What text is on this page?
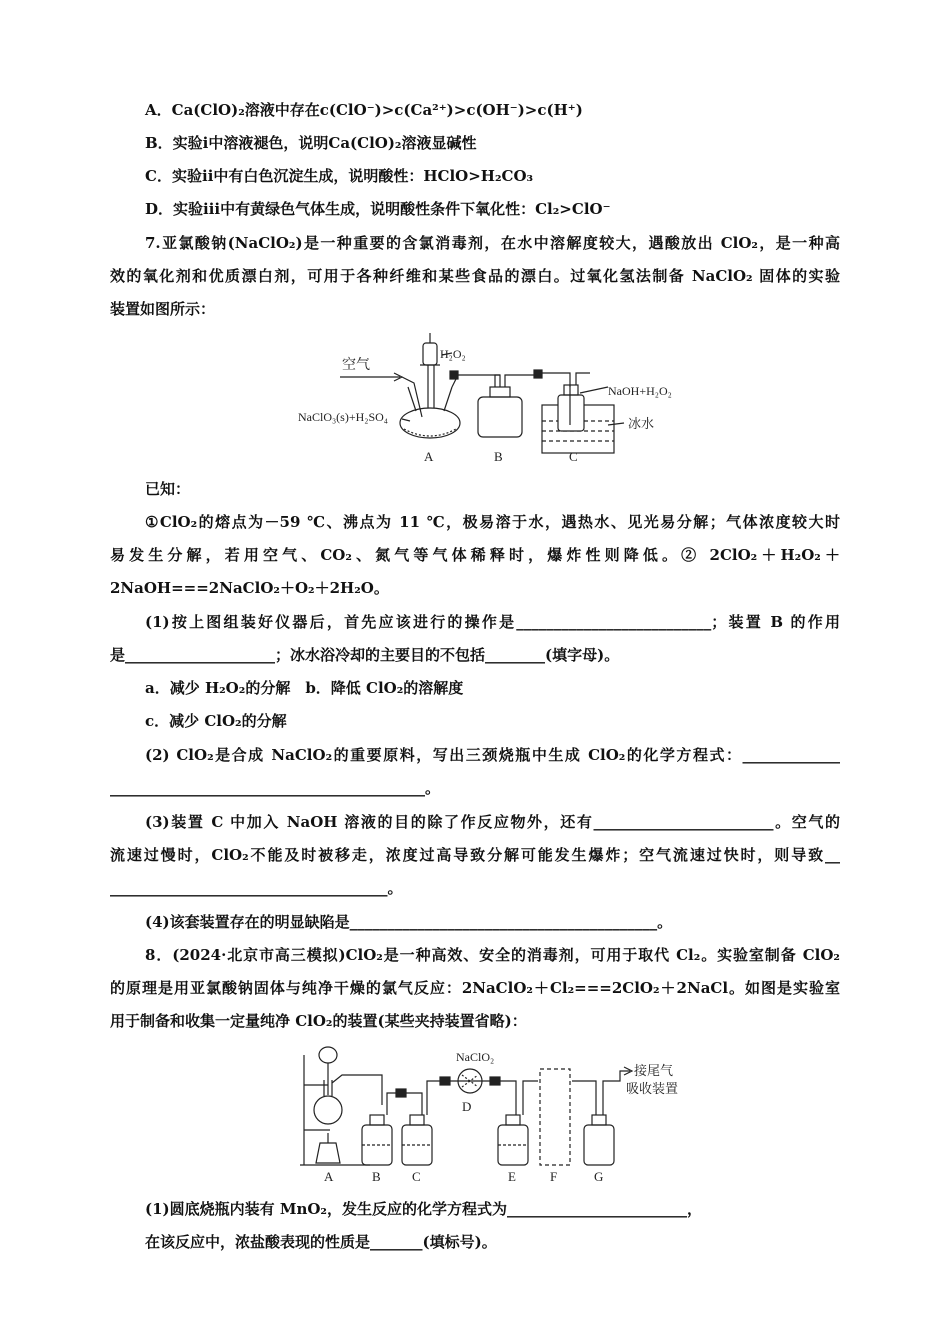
A．Ca(ClO)₂溶液中存在c(ClO⁻)>c(Ca²⁺)>c(OH⁻)>c(H⁺)
B．实验ⅰ中溶液褪色，说明Ca(ClO)₂溶液显碱性
C．实验ⅱ中有白色沉淀生成，说明酸性：HClO>H₂CO₃
D．实验ⅲ中有黄绿色气体生成，说明酸性条件下氧化性：Cl₂>ClO⁻
7.亚氯酸钠(NaClO₂)是一种重要的含氯消毒剂，在水中溶解度较大，遇酸放出 ClO₂，是一种高
效的氧化剂和优质漂白剂，可用于各种纤维和某些食品的漂白。过氧化氢法制备 NaClO₂ 固体的实验
装置如图所示：
空气
H₂O₂
NaClO₃(s)+H₂SO₄
NaOH+H₂O₂
冰水
A	B	C
已知：
①ClO₂的熔点为－59 ℃、沸点为 11 ℃，极易溶于水，遇热水、见光易分解；气体浓度较大时
易发生分解，若用空气、CO₂、氮气等气体稀释时，爆炸性则降低。② 2ClO₂＋H₂O₂＋
2NaOH===2NaClO₂＋O₂＋2H₂O。
(1)按上图组装好仪器后，首先应该进行的操作是__________________________；装置 B 的作用
是____________________；冰水浴冷却的主要目的不包括________(填字母)。
a．减少 H₂O₂的分解　b．降低 ClO₂的溶解度
c．减少 ClO₂的分解
(2) ClO₂是合成 NaClO₂的重要原料，写出三颈烧瓶中生成 ClO₂的化学方程式：_____________
__________________________________________。
(3)装置 C 中加入 NaOH 溶液的目的除了作反应物外，还有________________________。空气的
流速过慢时，ClO₂不能及时被移走，浓度过高导致分解可能发生爆炸；空气流速过快时，则导致__
_____________________________________。
(4)该套装置存在的明显缺陷是_________________________________________。
8．(2024·北京市高三模拟)ClO₂是一种高效、安全的消毒剂，可用于取代 Cl₂。实验室制备 ClO₂
的原理是用亚氯酸钠固体与纯净干燥的氯气反应：2NaClO₂＋Cl₂===2ClO₂＋2NaCl。如图是实验室
用于制备和收集一定量纯净 ClO₂的装置(某些夹持装置省略)：
NaClO₂
接尾气
吸收装置
A	B C
D
E	F	G
(1)圆底烧瓶内装有 MnO₂，发生反应的化学方程式为________________________，
在该反应中，浓盐酸表现的性质是_______(填标号)。
